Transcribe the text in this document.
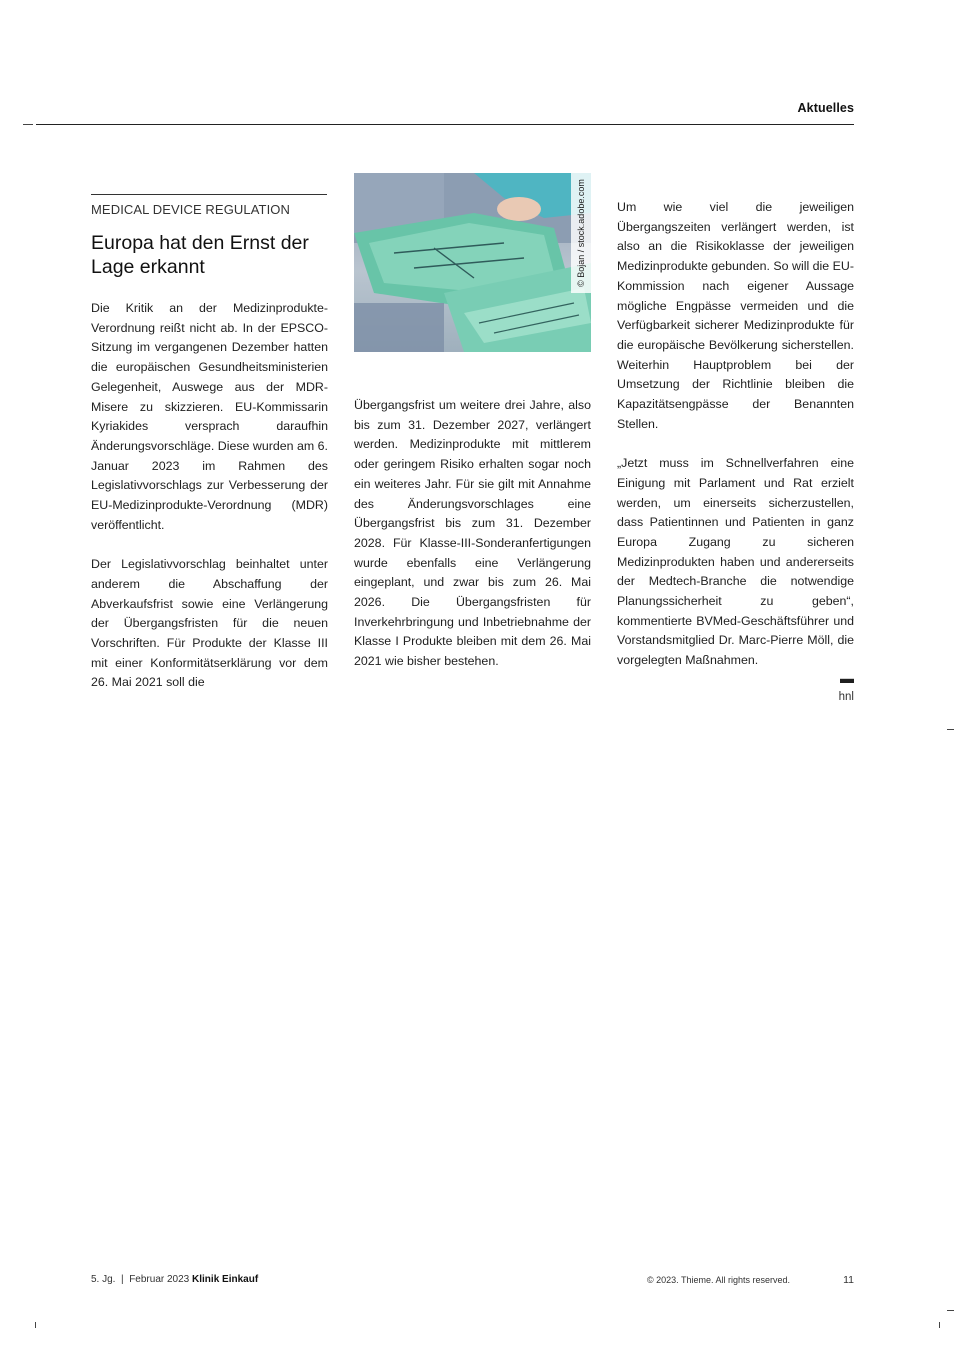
Aktuelles
MEDICAL DEVICE REGULATION
Europa hat den Ernst der Lage erkannt

Die Kritik an der Medizinprodukte-Verordnung reißt nicht ab. In der EPSCO-Sitzung im vergangenen Dezember hatten die europäischen Gesundheitsministerien Gelegenheit, Auswege aus der MDR-Misere zu skizzieren. EU-Kommissarin Kyriakides versprach daraufhin Änderungsvorschläge. Diese wurden am 6. Januar 2023 im Rahmen des Legislativvorschlags zur Verbesserung der EU-Medizinprodukte-Verordnung (MDR) veröffentlicht.

Der Legislativvorschlag beinhaltet unter anderem die Abschaffung der Abverkaufsfrist sowie eine Verlängerung der Übergangsfristen für die neuen Vorschriften. Für Produkte der Klasse III mit einer Konformitätserklärung vor dem 26. Mai 2021 soll die

© Bojan / stock.adobe.com

Übergangsfrist um weitere drei Jahre, also bis zum 31. Dezember 2027, verlängert werden. Medizinprodukte mit mittlerem oder geringem Risiko erhalten sogar noch ein weiteres Jahr. Für sie gilt mit Annahme des Änderungsvorschlages eine Übergangsfrist bis zum 31. Dezember 2028. Für Klasse-III-Sonderanfertigungen wurde ebenfalls eine Verlängerung eingeplant, und zwar bis zum 26. Mai 2026. Die Übergangsfristen für Inverkehrbringung und Inbetriebnahme der Klasse I Produkte bleiben mit dem 26. Mai 2021 wie bisher bestehen.

Um wie viel die jeweiligen Übergangszeiten verlängert werden, ist also an die Risikoklasse der jeweiligen Medizinprodukte gebunden. So will die EU-Kommission nach eigener Aussage mögliche Engpässe vermeiden und die Verfügbarkeit sicherer Medizinprodukte für die europäische Bevölkerung sicherstellen. Weiterhin Hauptproblem bei der Umsetzung der Richtlinie bleiben die Kapazitätsengpässe der Benannten Stellen.

„Jetzt muss im Schnellverfahren eine Einigung mit Parlament und Rat erzielt werden, um einerseits sicherzustellen, dass Patientinnen und Patienten in ganz Europa Zugang zu sicheren Medizinprodukten haben und andererseits der Medtech-Branche die notwendige Planungssicherheit zu geben“, kommentierte BVMed-Geschäftsführer und Vorstandsmitglied Dr. Marc-Pierre Möll, die vorgelegten Maßnahmen.

▬
hnl
5. Jg. | Februar 2023 Klinik Einkauf	© 2023. Thieme. All rights reserved.	11
